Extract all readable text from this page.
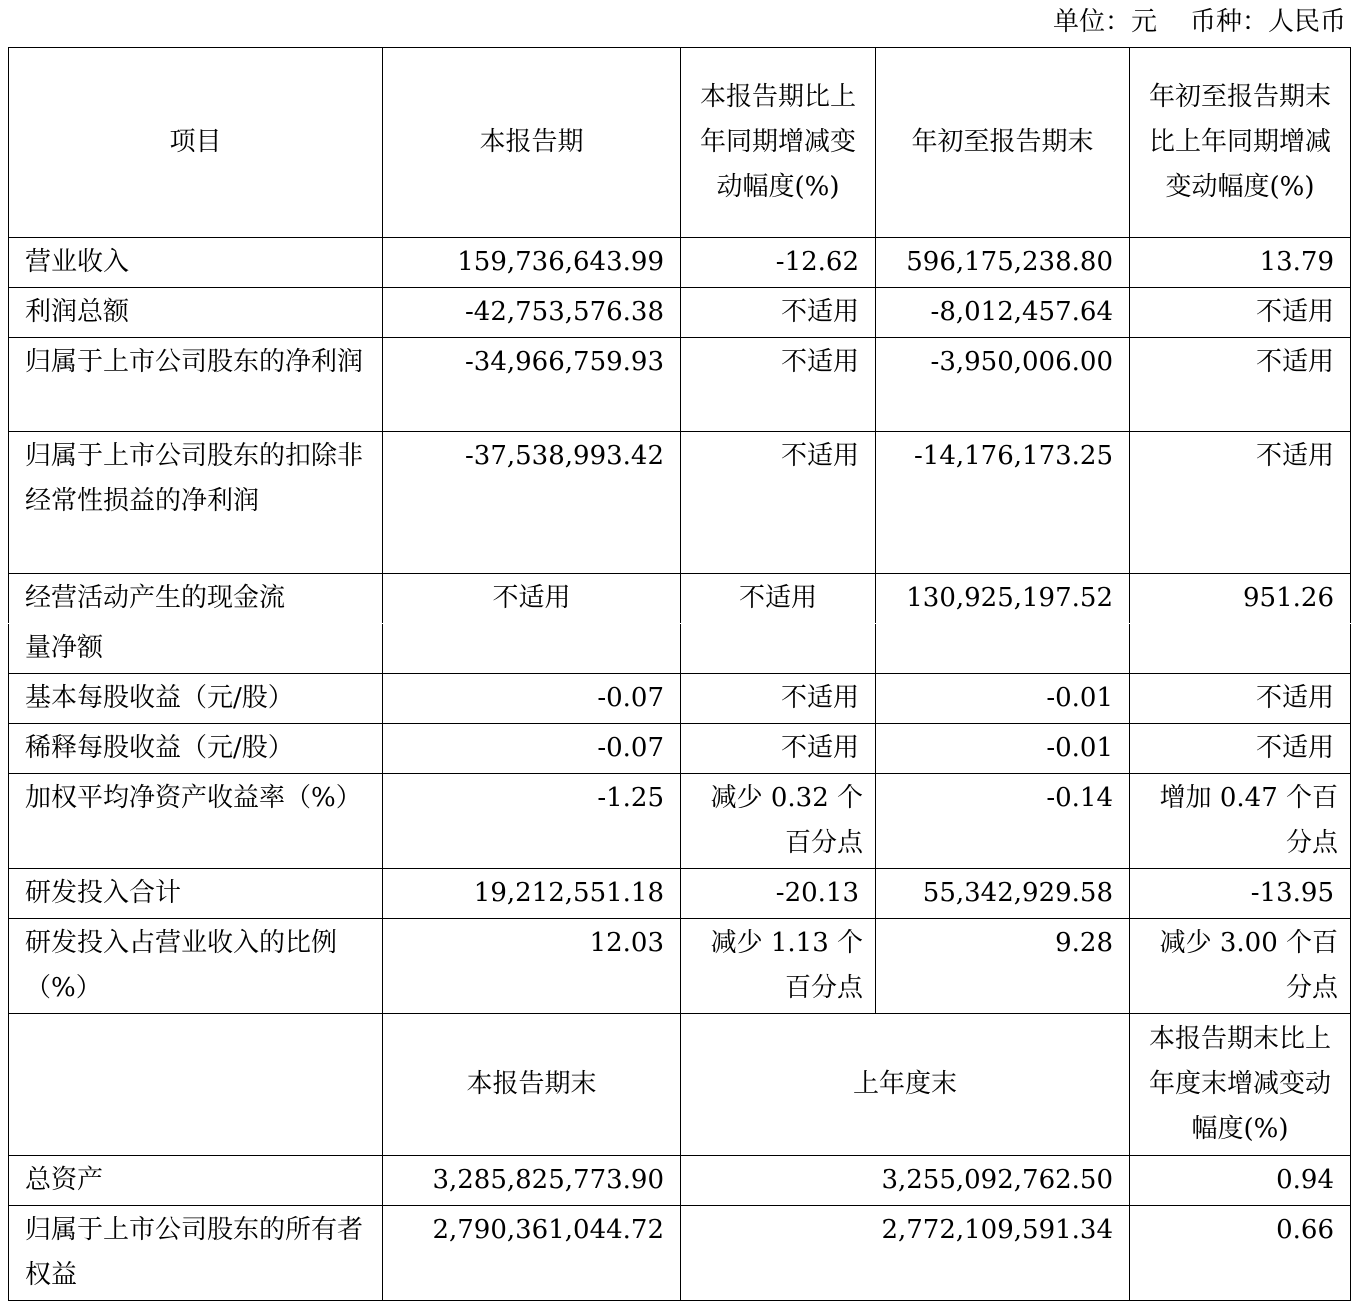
单位：元    币种：人民币
项目	本报告期	本报告期比上年同期增减变动幅度(%)	年初至报告期末	年初至报告期末比上年同期增减变动幅度(%)
营业收入	159,736,643.99	-12.62	596,175,238.80	13.79
利润总额	-42,753,576.38	不适用	-8,012,457.64	不适用
归属于上市公司股东的净利润	-34,966,759.93	不适用	-3,950,006.00	不适用
归属于上市公司股东的扣除非经常性损益的净利润	-37,538,993.42	不适用	-14,176,173.25	不适用
经营活动产生的现金流	不适用	不适用	130,925,197.52	951.26
量净额				
基本每股收益（元/股）	-0.07	不适用	-0.01	不适用
稀释每股收益（元/股）	-0.07	不适用	-0.01	不适用
加权平均净资产收益率（%）	-1.25	减少 0.32 个百分点	-0.14	增加 0.47 个百分点
研发投入合计	19,212,551.18	-20.13	55,342,929.58	-13.95
研发投入占营业收入的比例（%）	12.03	减少 1.13 个百分点	9.28	减少 3.00 个百分点
	本报告期末	上年度末		本报告期末比上年度末增减变动幅度(%)
总资产	3,285,825,773.90	3,255,092,762.50		0.94
归属于上市公司股东的所有者权益	2,790,361,044.72	2,772,109,591.34		0.66
